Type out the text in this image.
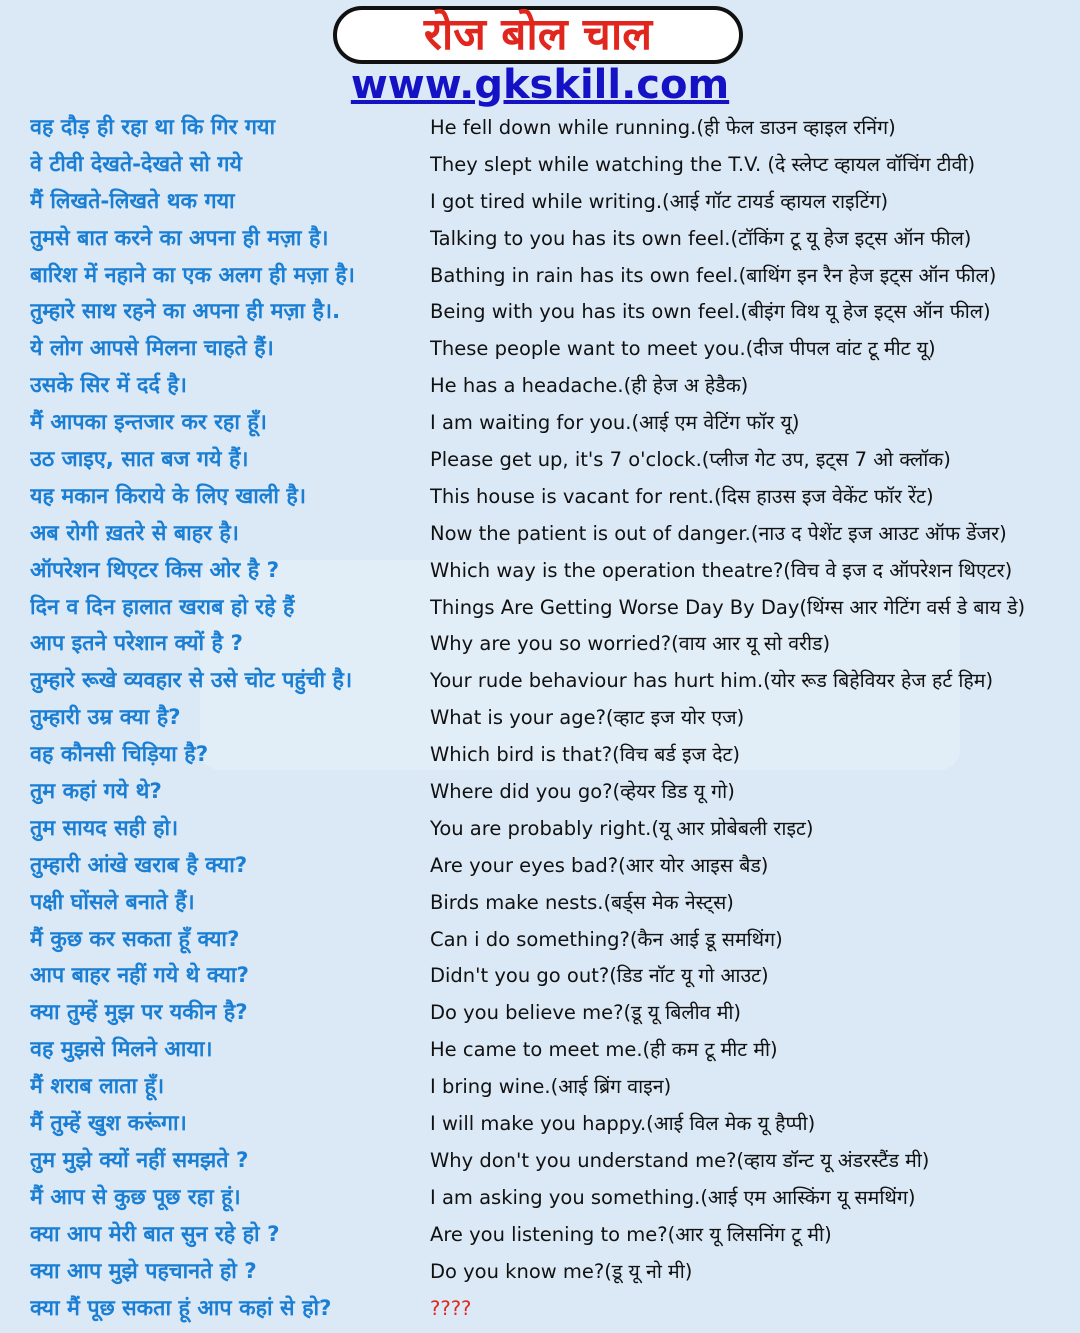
रोज बोल चाल
www.gkskill.com
वह दौड़ ही रहा था कि गिर गया	He fell down while running.(ही फेल डाउन व्हाइल रनिंग)
वे टीवी देखते-देखते सो गये	They slept while watching the T.V. (दे स्लेप्ट व्हायल वॉचिंग टीवी)
मैं लिखते-लिखते थक गया	I got tired while writing.(आई गॉट टायर्ड व्हायल राइटिंग)
तुमसे बात करने का अपना ही मज़ा है।	Talking to you has its own feel.(टॉकिंग टू यू हेज इट्स ऑन फील)
बारिश में नहाने का एक अलग ही मज़ा है।	Bathing in rain has its own feel.(बाथिंग इन रैन हेज इट्स ऑन फील)
तुम्हारे साथ रहने का अपना ही मज़ा है।.	Being with you has its own feel.(बीइंग विथ यू हेज इट्स ऑन फील)
ये लोग आपसे मिलना चाहते हैं।	These people want to meet you.(दीज पीपल वांट टू मीट यू)
उसके सिर में दर्द है।	He has a headache.(ही हेज अ हेडैक)
मैं आपका इन्तजार कर रहा हूँ।	I am waiting for you.(आई एम वेटिंग फॉर यू)
उठ जाइए, सात बज गये हैं।	Please get up, it's 7 o'clock.(प्लीज गेट उप, इट्स 7 ओ क्लॉक)
यह मकान किराये के लिए खाली है।	This house is vacant for rent.(दिस हाउस इज वेकेंट फॉर रेंट)
अब रोगी ख़तरे से बाहर है।	Now the patient is out of danger.(नाउ द पेशेंट इज आउट ऑफ डेंजर)
ऑपरेशन थिएटर किस ओर है ?	Which way is the operation theatre?(विच वे इज द ऑपरेशन थिएटर)
दिन व दिन हालात खराब हो रहे हैं	Things Are Getting Worse Day By Day(थिंग्स आर गेटिंग वर्स डे बाय डे)
आप इतने परेशान क्यों है ?	Why are you so worried?(वाय आर यू सो वरीड)
तुम्हारे रूखे व्यवहार से उसे चोट पहुंची है।	Your rude behaviour has hurt him.(योर रूड बिहेवियर हेज हर्ट हिम)
तुम्हारी उम्र क्या है?	What is your age?(व्हाट इज योर एज)
वह कौनसी चिड़िया है?	Which bird is that?(विच बर्ड इज देट)
तुम कहां गये थे?	Where did you go?(व्हेयर डिड यू गो)
तुम सायद सही हो।	You are probably right.(यू आर प्रोबेबली राइट)
तुम्हारी आंखे खराब है क्या?	Are your eyes bad?(आर योर आइस बैड)
पक्षी घोंसले बनाते हैं।	Birds make nests.(बर्ड्स मेक नेस्ट्स)
मैं कुछ कर सकता हूँ क्या?	Can i do something?(कैन आई डू समथिंग)
आप बाहर नहीं गये थे क्या?	Didn't you go out?(डिड नॉट यू गो आउट)
क्या तुम्हें मुझ पर यकीन है?	Do you believe me?(डू यू बिलीव मी)
वह मुझसे मिलने आया।	He came to meet me.(ही कम टू मीट मी)
मैं शराब लाता हूँ।	I bring wine.(आई ब्रिंग वाइन)
मैं तुम्हें खुश करूंगा।	I will make you happy.(आई विल मेक यू हैप्पी)
तुम मुझे क्यों नहीं समझते ?	Why don't you understand me?(व्हाय डॉन्ट यू अंडरस्टैंड मी)
मैं आप से कुछ पूछ रहा हूं।	I am asking you something.(आई एम आस्किंग यू समथिंग)
क्या आप मेरी बात सुन रहे हो ?	Are you listening to me?(आर यू लिसनिंग टू मी)
क्या आप मुझे पहचानते हो ?	Do you know me?(डू यू नो मी)
क्या मैं पूछ सकता हूं आप कहां से हो?	????
